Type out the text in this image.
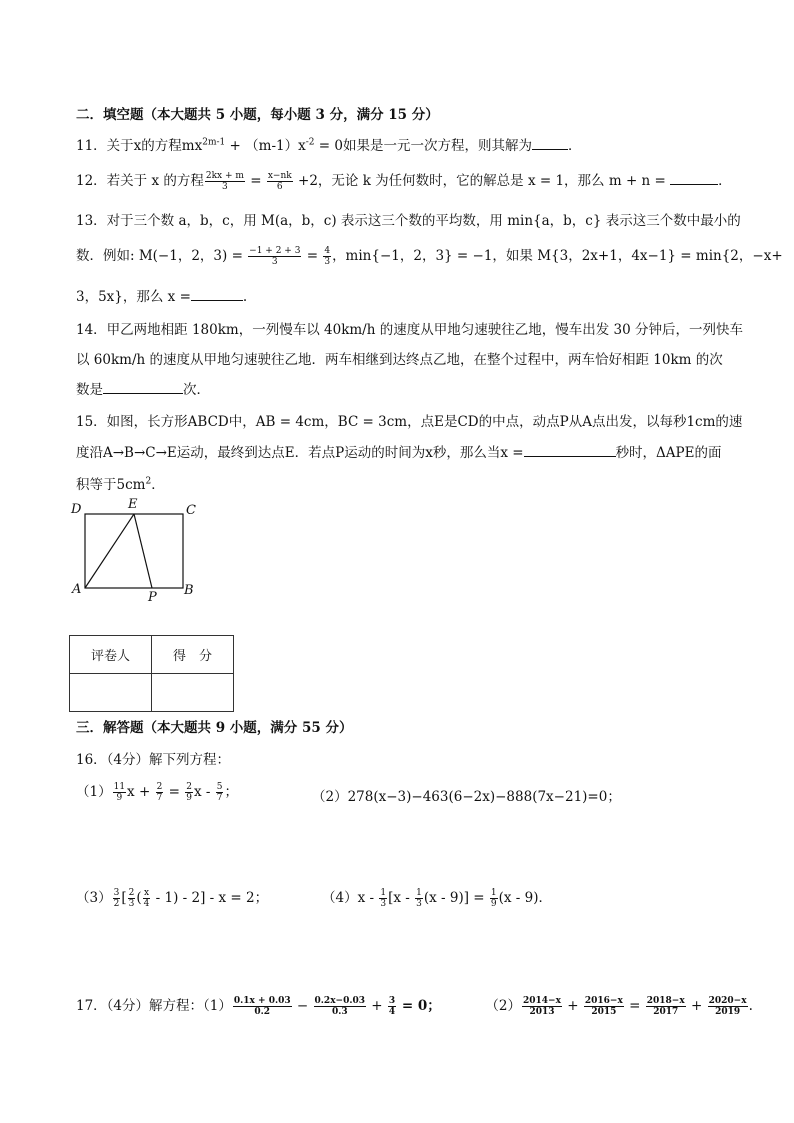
二．填空题（本大题共 5 小题，每小题 3 分，满分 15 分）
11．关于x的方程$mx^{2m-1} + (m-1)x^{-2} = 0$如果是一元一次方程，则其解为	．
12．若关于 x 的方程 $\frac{2kx + m}{3} = \frac{x-nk}{6} +2$，无论 k 为任何数时，它的解总是 x = 1，那么 m + n =	．
13．对于三个数 a，b，c，用 M(a，b，c) 表示这三个数的平均数，用 min{a，b，c} 表示这三个数中最小的
数．例如: M(−1，2，$3) = \frac{-1 + 2 + 3}{3} = \frac{4}{3}$ ，min{−1，2，3} = −1，如果 M{3，2x+1，4x−1} = min{2，−x+
3，5x}，那么 x =	.
14．甲乙两地相距 180km，一列慢车以 40km/h 的速度从甲地匀速驶往乙地，慢车出发 30 分钟后，一列快车
以 60km/h 的速度从甲地匀速驶往乙地．两车相继到达终点乙地，在整个过程中，两车恰好相距 10km 的次
数是	次．
15．如图，长方形ABCD中，AB = 4cm，BC = 3cm，点E是CD的中点，动点P从A点出发，以每秒1cm的速
度沿A→B→C→E运动，最终到达点E．若点P运动的时间为x秒，那么当x =	秒时，ΔAPE的面
积等于$5cm^2$．
D	E	C
A
P B
评卷人	得　分

三．解答题（本大题共 9 小题，满分 55 分）
16．（4分）解下列方程：
$(1) \frac{11}{9}$ $x + \frac{2}{7} = \frac{2}{9}$ x - $\frac{5}{7}$ ；	（2）278(x−3)−463(6−2x)−888(7x−21)=0；
$(3) \frac{3}{2}$ [ $\frac{2}{3}$ ( $\frac{x}{4} - 1) - 2] - x = 2$；	$(4)x - \frac{1}{3} [x - \frac{1}{3} (x - 9)] = \frac{1}{9} (x - 9)$．
17．（4分）解方程：$(1) \frac{0.1x + 0.03}{0.2} - \frac{0.2x-0.03}{0.3} + \frac{3}{4} = 0$；	$(2) \frac{2014-x}{2013} + \frac{2016-x}{2015} = \frac{2018-x}{2017} + \frac{2020-x}{2019}$ .
